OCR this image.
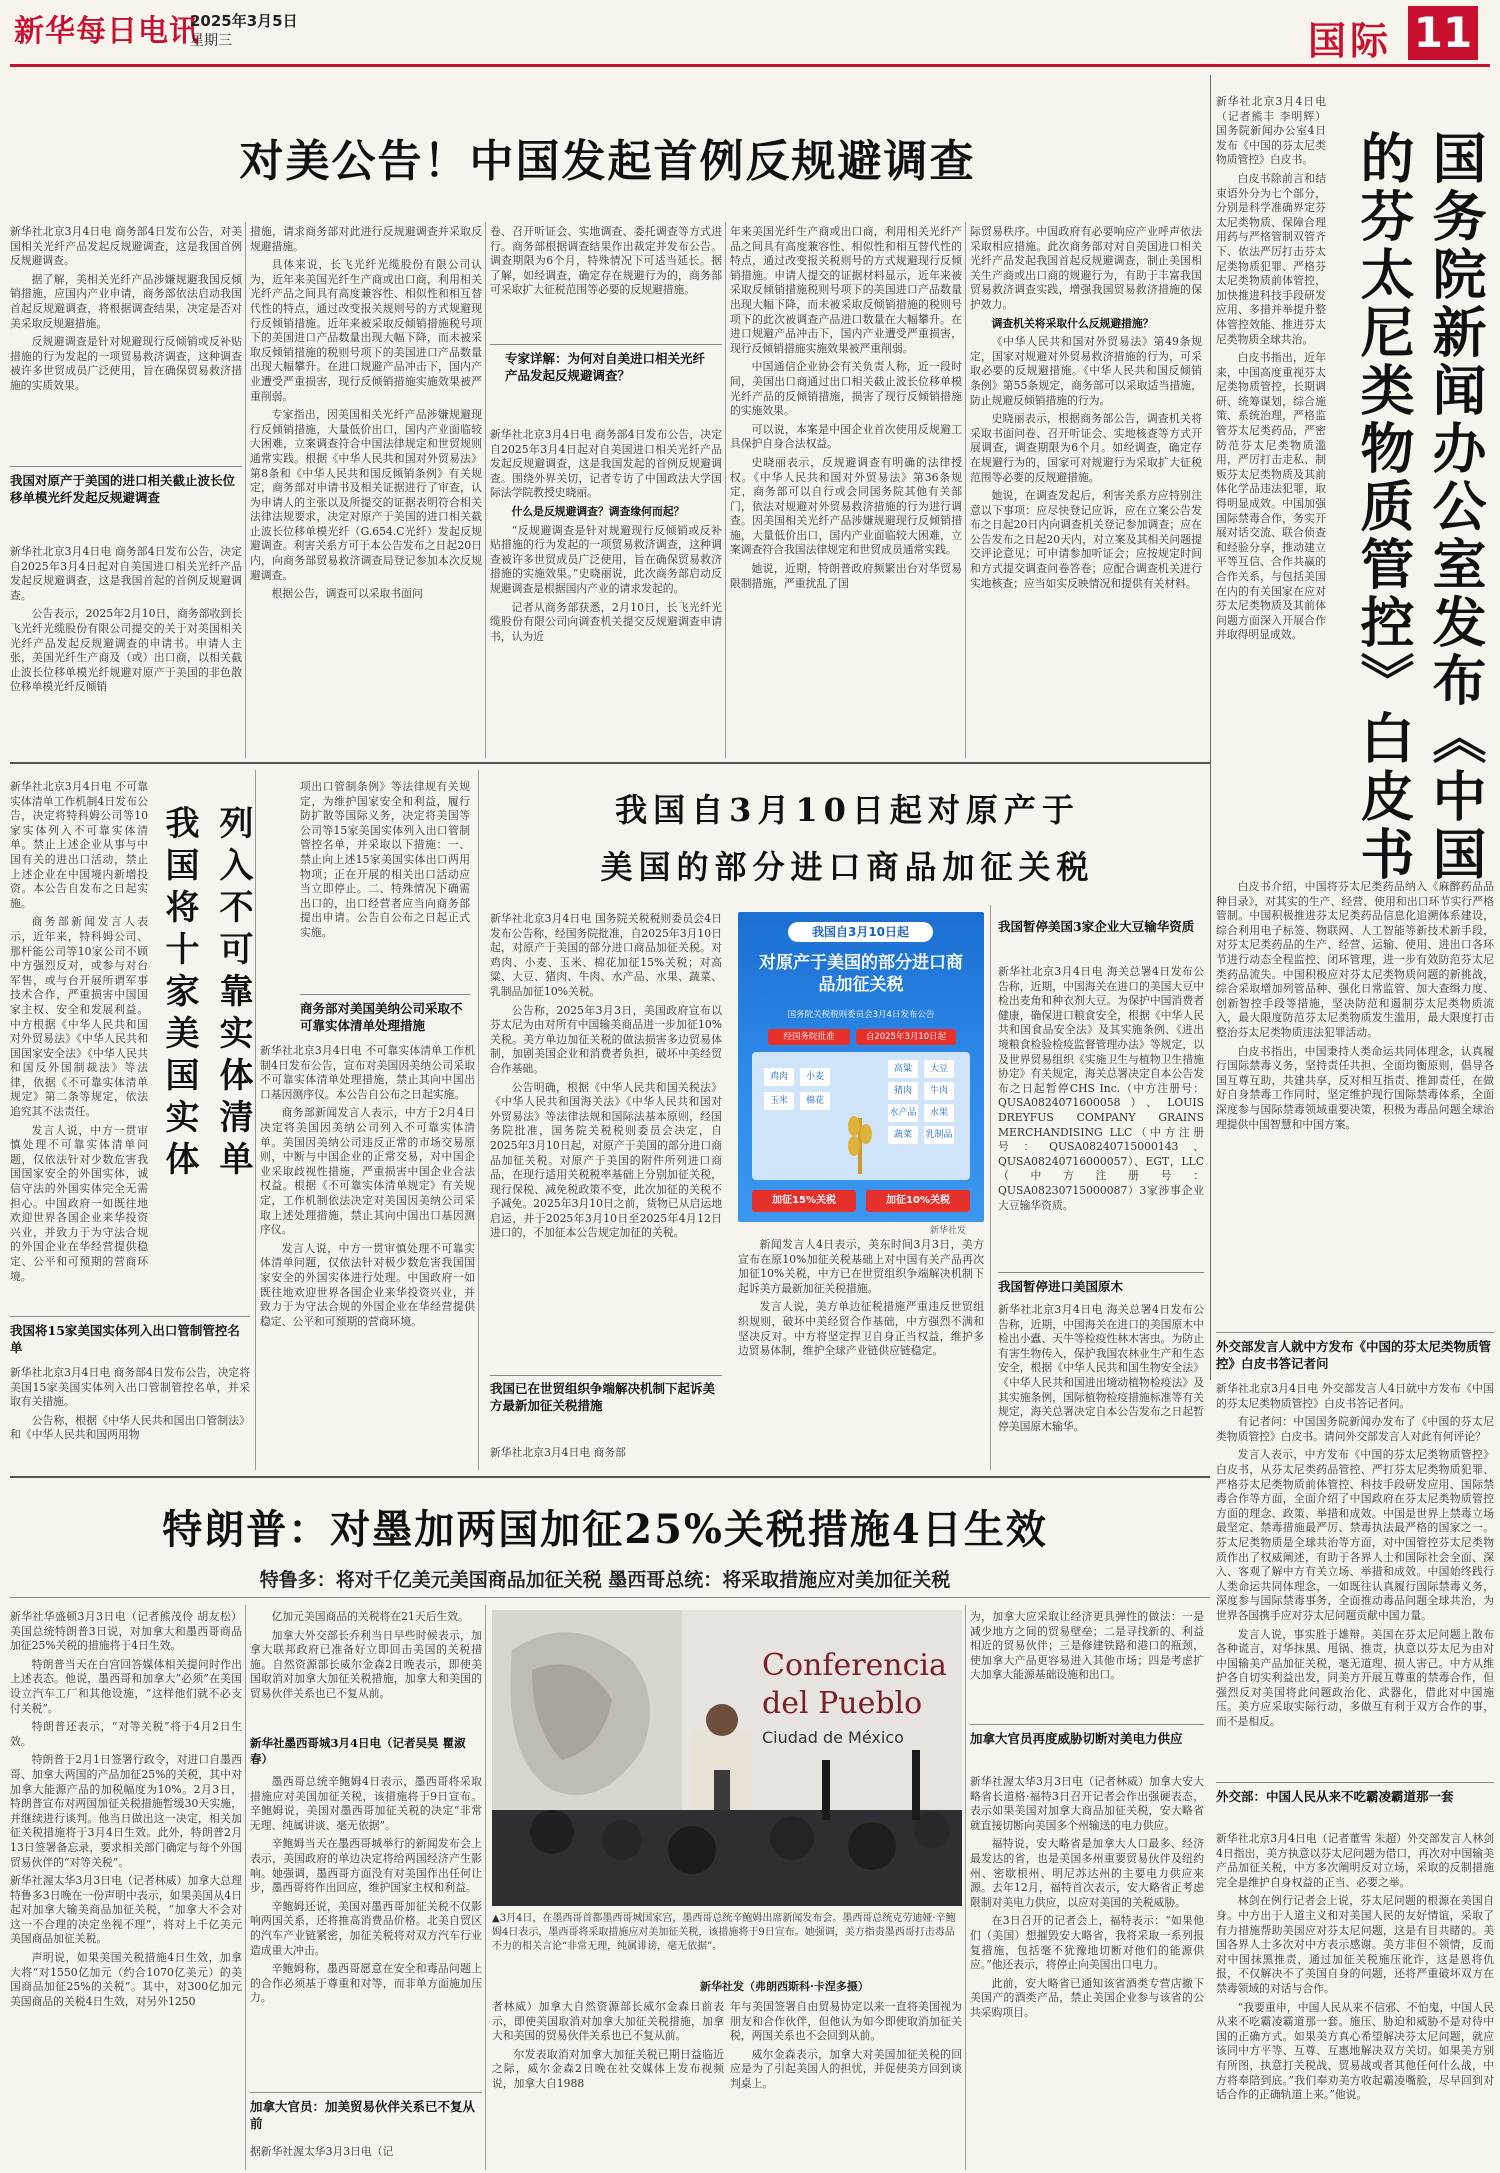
新华每日电讯
2025年3月5日
星期三	国际 11
对美公告！中国发起首例反规避调查

新华社北京3月4日电 商务部4日发布公告，对美国相关光纤产品发起反规避调查，这是我国首例反规避调查。

据了解，美相关光纤产品涉嫌规避我国反倾销措施，应国内产业申请，商务部依法启动我国首起反规避调查，将根据调查结果，决定是否对美采取反规避措施。

反规避调查是针对规避现行反倾销或反补贴措施的行为发起的一项贸易救济调查，这种调查被许多世贸成员广泛使用，旨在确保贸易救济措施的实质效果。

我国对原产于美国的进口相关截止波长位移单模光纤发起反规避调查

新华社北京3月4日电 商务部4日发布公告，决定自2025年3月4日起对自美国进口相关光纤产品发起反规避调查，这是我国首起的首例反规避调查。

公告表示，2025年2月10日，商务部收到长飞光纤光缆股份有限公司提交的关于对美国相关光纤产品发起反规避调查的申请书。申请人主张，美国光纤生产商及（或）出口商，以相关截止波长位移单模光纤规避对原产于美国的非色散位移单模光纤反倾销

措施，请求商务部对此进行反规避调查并采取反规避措施。

具体来说，长飞光纤光缆股份有限公司认为，近年来美国光纤生产商或出口商，利用相关光纤产品之间具有高度兼容性、相似性和相互替代性的特点，通过改变报关规则号的方式规避现行反倾销措施。近年来被采取反倾销措施税号项下的美国进口产品数量出现大幅下降，而未被采取反倾销措施的税则号项下的美国进口产品数量出现大幅攀升。在进口规避产品冲击下，国内产业遭受严重损害，现行反倾销措施实施效果被严重削弱。

专家指出，因美国相关光纤产品涉嫌规避现行反倾销措施，大量低价出口，国内产业面临较大困难，立案调查符合中国法律规定和世贸规则通常实践。根据《中华人民共和国对外贸易法》第8条和《中华人民共和国反倾销条例》有关规定，商务部对申请书及相关证据进行了审查，认为申请人的主张以及所提交的证据表明符合相关法律法规要求，决定对原产于美国的进口相关截止波长位移单模光纤（G.654.C光纤）发起反规避调查。利害关系方可于本公告发布之日起20日内，向商务部贸易救济调查局登记参加本次反规避调查。

根据公告，调查可以采取书面问

卷、召开听证会、实地调查、委托调查等方式进行。商务部根据调查结果作出裁定并发布公告。调查期限为6个月，特殊情况下可适当延长。据了解，如经调查，确定存在规避行为的，商务部可采取扩大征税范围等必要的反规避措施。

专家详解：为何对自美进口相关光纤产品发起反规避调查？

新华社北京3月4日电 商务部4日发布公告，决定自2025年3月4日起对自美国进口相关光纤产品发起反规避调查，这是我国发起的首例反规避调查。围绕外界关切，记者专访了中国政法大学国际法学院教授史晓丽。

什么是反规避调查？调查缘何而起？

“反规避调查是针对规避现行反倾销或反补贴措施的行为发起的一项贸易救济调查，这种调查被许多世贸成员广泛使用，旨在确保贸易救济措施的实施效果。”史晓丽说，此次商务部启动反规避调查是根据国内产业的请求发起的。

记者从商务部获悉，2月10日，长飞光纤光缆股份有限公司向调查机关提交反规避调查申请书，认为近

年来美国光纤生产商或出口商，利用相关光纤产品之间具有高度兼容性、相似性和相互替代性的特点，通过改变报关税则号的方式规避现行反倾销措施。申请人提交的证据材料显示，近年来被采取反倾销措施税则号项下的美国进口产品数量出现大幅下降，而未被采取反倾销措施的税则号项下的此次被调查产品进口数量在大幅攀升。在进口规避产品冲击下，国内产业遭受严重损害，现行反倾销措施实施效果被严重削弱。

中国通信企业协会有关负责人称，近一段时间，美国出口商通过出口相关截止波长位移单模光纤产品的反倾销措施，损害了现行反倾销措施的实施效果。

可以说，本案是中国企业首次使用反规避工具保护自身合法权益。

史晓丽表示，反规避调查有明确的法律授权。《中华人民共和国对外贸易法》第36条规定，商务部可以自行或会同国务院其他有关部门，依法对规避对外贸易救济措施的行为进行调查。因美国相关光纤产品涉嫌规避现行反倾销措施，大量低价出口，国内产业面临较大困难，立案调查符合我国法律规定和世贸成员通常实践。

她说，近期，特朗普政府频繁出台对华贸易限制措施，严重扰乱了国

际贸易秩序。中国政府有必要响应产业呼声依法采取相应措施。此次商务部对对自美国进口相关光纤产品发起我国首起反规避调查，制止美国相关生产商或出口商的规避行为，有助于丰富我国贸易救济调查实践，增强我国贸易救济措施的保护效力。

调查机关将采取什么反规避措施？

《中华人民共和国对外贸易法》第49条规定，国家对规避对外贸易救济措施的行为，可采取必要的反规避措施。《中华人民共和国反倾销条例》第55条规定，商务部可以采取适当措施，防止规避反倾销措施的行为。

史晓丽表示，根据商务部公告，调查机关将采取书面问卷、召开听证会、实地核查等方式开展调查，调查期限为6个月。如经调查，确定存在规避行为的，国家可对规避行为采取扩大征税范围等必要的反规避措施。

她说，在调查发起后，利害关系方应特别注意以下事项：应尽快登记应诉，应在立案公告发布之日起20日内向调查机关登记参加调查；应在公告发布之日起20天内，对立案及其相关问题提交评论意见；可申请参加听证会；应按规定时间和方式提交调查问卷答卷；应配合调查机关进行实地核查；应当如实反映情况和提供有关材料。

新华社北京3月4日电（记者熊丰 李明辉）国务院新闻办公室4日发布《中国的芬太尼类物质管控》白皮书。

白皮书除前言和结束语外分为七个部分，分别是科学准确界定芬太尼类物质、保障合理用药与严格管制双管齐下、依法严厉打击芬太尼类物质犯罪、严格芬太尼类物质前体管控，加快推进科技手段研发应用、多措并举提升整体管控效能、推进芬太尼类物质全球共治。

白皮书指出，近年来，中国高度重视芬太尼类物质管控，长期调研、统筹谋划，综合施策、系统治理，严格监管芬太尼类药品，严密防范芬太尼类物质滥用，严厉打击走私、制贩芬太尼类物质及其前体化学品违法犯罪，取得明显成效。中国加强国际禁毒合作，务实开展对话交流、联合侦查和经验分享，推动建立平等互信、合作共赢的合作关系，与包括美国在内的有关国家在应对芬太尼类物质及其前体问题方面深入开展合作并取得明显成效。	国务院新闻办公室发布《中国的芬太尼类物质管控》白皮书

白皮书介绍，中国将芬太尼类药品纳入《麻醉药品品种目录》，对其实的生产、经营、使用和出口环节实行严格管制。中国积极推进芬太尼类药品信息化追溯体系建设，综合利用电子标签、物联网、人工智能等新技术新手段，对芬太尼类药品的生产、经营、运输、使用、进出口各环节进行动态全程监控、闭环管理，进一步有效防范芬太尼类药品流失。中国积极应对芬太尼类物质问题的新挑战，综合采取增加列管品种、强化日常监管、加大查缉力度、创新智控手段等措施，坚决防范和遏制芬太尼类物质流入，最大限度防范芬太尼类物质发生滥用，最大限度打击整治芬太尼类物质违法犯罪活动。

白皮书指出，中国秉持人类命运共同体理念，认真履行国际禁毒义务，坚持责任共担、全面均衡原则，倡导各国互尊互助，共建共享，反对相互指责、推卸责任，在做好自身禁毒工作同时，坚定维护现行国际禁毒体系，全面深度参与国际禁毒领域重要决策，积极为毒品问题全球治理提供中国智慧和中国方案。

外交部发言人就中方发布《中国的芬太尼类物质管控》白皮书答记者问

新华社北京3月4日电 外交部发言人4日就中方发布《中国的芬太尼类物质管控》白皮书答记者问。

有记者问：中国国务院新闻办发布了《中国的芬太尼类物质管控》白皮书。请问外交部发言人对此有何评论？

发言人表示，中方发布《中国的芬太尼类物质管控》白皮书，从芬太尼类药品管控、严打芬太尼类物质犯罪、严格芬太尼类物质前体管控、科技手段研发应用、国际禁毒合作等方面，全面介绍了中国政府在芬太尼类物质管控方面的理念、政策、举措和成效。中国是世界上禁毒立场最坚定、禁毒措施最严厉、禁毒执法最严格的国家之一。芬太尼类物质是全球共治等方面，对中国管控芬太尼类物质作出了权威阐述，有助于各界人士和国际社会全面、深入、客观了解中方有关立场、举措和成效。中国始终践行人类命运共同体理念，一如既往认真履行国际禁毒义务，深度参与国际禁毒事务，全面推动毒品问题全球共治，为世界各国携手应对芬太尼问题贡献中国力量。

发言人说，事实胜于雄辩。美国在芬太尼问题上散布各种谎言，对华抹黑、甩锅、推责，执意以芬太尼为由对中国输美产品加征关税，毫无道理、损人害己。中方从维护各自切实利益出发，同美方开展互尊重的禁毒合作，但强烈反对美国将此问题政治化、武器化，借此对中国施压。美方应采取实际行动，多做互有利于双方合作的事，而不是相反。

外交部：中国人民从来不吃霸凌霸道那一套

新华社北京3月4日电（记者董雪 朱超）外交部发言人林剑4日指出，美方执意以芬太尼问题为借口，再次对中国输美产品加征关税，中方多次阐明反对立场，采取的反制措施完全是维护自身权益的正当、必要之举。

林剑在例行记者会上说，芬太尼问题的根源在美国自身。中方出于人道主义和对美国人民的友好情谊，采取了有力措施帮助美国应对芬太尼问题，这是有目共睹的。美国各界人士多次对中方表示感谢。美方非但不领情，反而对中国抹黑推责，通过加征关税施压讹诈，这是恩将仇报，不仅解决不了美国自身的问题，还将严重破坏双方在禁毒领域的对话与合作。

“我要重申，中国人民从来不信邪、不怕鬼，中国人民从来不吃霸凌霸道那一套。施压、胁迫和威胁不是对待中国的正确方式。如果美方真心希望解决芬太尼问题，就应该同中方平等、互尊、互惠地解决双方关切。如果美方别有所图，执意打关税战、贸易战或者其他任何什么战，中方将奉陪到底。”我们奉劝美方收起霸凌嘴脸，尽早回到对话合作的正确轨道上来。”他说。

新华社北京3月4日电 不可靠实体清单工作机制4日发布公告，决定将特科姆公司等10家实体列入不可靠实体清单。禁止上述企业从事与中国有关的进出口活动，禁止上述企业在中国境内新增投资。本公告自发布之日起实施。

商务部新闻发言人表示，近年来，特科姆公司、那杆能公司等10家公司不顾中方强烈反对，或参与对台军售，或与台开展所谓军事技术合作，严重损害中国国家主权、安全和发展利益。中方根据《中华人民共和国对外贸易法》《中华人民共和国国家安全法》《中华人民共和国反外国制裁法》等法律，依据《不可靠实体清单规定》第二条等规定，依法追究其不法责任。

发言人说，中方一贯审慎处理不可靠实体清单问题，仅依法针对少数危害我国国家安全的外国实体，诚信守法的外国实体完全无需担心。中国政府一如既往地欢迎世界各国企业来华投资兴业，并致力于为守法合规的外国企业在华经营提供稳定、公平和可预期的营商环境。

我国将十家美国实体 列入不可靠实体清单
我国将15家美国实体列入出口管制管控名单

新华社北京3月4日电 商务部4日发布公告，决定将美国15家美国实体列入出口管制管控名单，并采取有关措施。

公告称，根据《中华人民共和国出口管制法》和《中华人民共和国两用物

项出口管制条例》等法律规有关规定，为维护国家安全和利益，履行防扩散等国际义务，决定将美国等公司等15家美国实体列入出口管制管控名单，并采取以下措施：一、禁止向上述15家美国实体出口两用物项；正在开展的相关出口活动应当立即停止。二、特殊情况下确需出口的，出口经营者应当向商务部提出申请。公告自公布之日起正式实施。

商务部对美国美纳公司采取不可靠实体清单处理措施

新华社北京3月4日电 不可靠实体清单工作机制4日发布公告，宣布对美国因美纳公司采取不可靠实体清单处理措施，禁止其向中国出口基因测序仪。本公告自公布之日起实施。

商务部新闻发言人表示，中方于2月4日决定将美国因美纳公司列入不可靠实体清单。美国因美纳公司违反正常的市场交易原则，中断与中国企业的正常交易，对中国企业采取歧视性措施，严重损害中国企业合法权益。根据《不可靠实体清单规定》有关规定，工作机制依法决定对美国因美纳公司采取上述处理措施，禁止其向中国出口基因测序仪。

发言人说，中方一贯审慎处理不可靠实体清单问题，仅依法针对极少数危害我国国家安全的外国实体进行处理。中国政府一如既往地欢迎世界各国企业来华投资兴业，并致力于为守法合规的外国企业在华经营提供稳定、公平和可预期的营商环境。

我国自3月10日起对原产于
美国的部分进口商品加征关税

新华社北京3月4日电 国务院关税税则委员会4日发布公告称，经国务院批准，自2025年3月10日起，对原产于美国的部分进口商品加征关税。对鸡肉、小麦、玉米、棉花加征15%关税；对高粱、大豆、猪肉、牛肉、水产品、水果、蔬菜、乳制品加征10%关税。

公告称，2025年3月3日，美国政府宣布以芬太尼为由对所有中国输美商品进一步加征10%关税。美方单边加征关税的做法损害多边贸易体制，加剧美国企业和消费者负担，破坏中美经贸合作基础。

公告明确，根据《中华人民共和国关税法》《中华人民共和国海关法》《中华人民共和国对外贸易法》等法律法规和国际法基本原则，经国务院批准，国务院关税税则委员会决定，自2025年3月10日起，对原产于美国的部分进口商品加征关税。对原产于美国的附件所列进口商品，在现行适用关税税率基础上分别加征关税，现行保税、减免税政策不变，此次加征的关税不予减免。2025年3月10日之前，货物已从启运地启运，并于2025年3月10日至2025年4月12日进口的，不加征本公告规定加征的关税。

我国自3月10日起
对原产于美国的部分进口商品加征关税
国务院关税税则委员会3月4日发布公告
经国务院批准	自2025年3月10日起
鸡肉	小麦
玉米	棉花
高粱	大豆
猪肉	牛肉
水产品	水果
蔬菜	乳制品
加征15%关税	加征10%关税
新华社发

新闻发言人4日表示，美东时间3月3日，美方宣布在原10%加征关税基础上对中国有关产品再次加征10%关税，中方已在世贸组织争端解决机制下起诉美方最新加征关税措施。

发言人说，美方单边征税措施严重违反世贸组织规则，破坏中美经贸合作基础，中方强烈不满和坚决反对。中方将坚定捍卫自身正当权益，维护多边贸易体制，维护全球产业链供应链稳定。

我国已在世贸组织争端解决机制下起诉美方最新加征关税措施

新华社北京3月4日电 商务部

我国暂停美国3家企业大豆输华资质

新华社北京3月4日电 海关总署4日发布公告称，近期，中国海关在进口的美国大豆中检出麦角和种衣剂大豆。为保护中国消费者健康，确保进口粮食安全，根据《中华人民共和国食品安全法》及其实施条例、《进出境粮食检验检疫监督管理办法》等规定，以及世界贸易组织《实施卫生与植物卫生措施协定》有关规定，海关总署决定自本公告发布之日起暂停CHS Inc.（中方注册号：QUSA0824071600058）、LOUIS DREYFUS COMPANY GRAINS MERCHANDISING LLC（中方注册号：QUSA08240715000143、QUSA08240716000057）、EGT，LLC（中方注册号：QUSA08230715000087）3家涉事企业大豆输华资质。

我国暂停进口美国原木

新华社北京3月4日电 海关总署4日发布公告称，近期，中国海关在进口的美国原木中检出小蠹、天牛等检疫性林木害虫。为防止有害生物传入，保护我国农林业生产和生态安全，根据《中华人民共和国生物安全法》《中华人民共和国进出境动植物检疫法》及其实施条例，国际植物检疫措施标准等有关规定，海关总署决定自本公告发布之日起暂停美国原木输华。

特朗普：对墨加两国加征25%关税措施4日生效
特鲁多：将对千亿美元美国商品加征关税 墨西哥总统：将采取措施应对美加征关税

新华社华盛顿3月3日电（记者熊茂伶 胡友松）美国总统特朗普3日说，对加拿大和墨西哥商品加征25%关税的措施将于4日生效。

特朗普当天在白宫回答媒体相关提问时作出上述表态。他说，墨西哥和加拿大“必须”在美国设立汽车工厂和其他设施，“这样他们就不必支付关税”。

特朗普还表示，“对等关税”将于4月2日生效。

特朗普于2月1日签署行政令，对进口自墨西哥、加拿大两国的产品加征25%的关税，其中对加拿大能源产品的加税幅度为10%。2月3日，特朗普宣布对两国加征关税措施暂缓30天实施，并继续进行谈判。他当日做出这一决定，相关加征关税措施将于3月4日生效。此外，特朗普2月13日签署备忘录，要求相关部门确定与每个外国贸易伙伴的“对等关税”。

新华社渥太华3月3日电（记者林威）加拿大总理特鲁多3日晚在一份声明中表示，如果美国从4日起对加拿大输美商品加征关税，“加拿大不会对这一不合理的决定坐视不理”，将对上千亿美元美国商品加征关税。

声明说，如果美国关税措施4日生效，加拿大将“对1550亿加元（约合1070亿美元）的美国商品加征25%的关税”。其中，对300亿加元美国商品的关税4日生效，对另外1250

亿加元美国商品的关税将在21天后生效。

加拿大外交部长乔利当日早些时候表示，加拿大联邦政府已准备好立即回击美国的关税措施。自然资源部长威尔金森2日晚表示，即使美国取消对加拿大加征关税措施，加拿大和美国的贸易伙伴关系也已不复从前。

新华社墨西哥城3月4日电（记者吴昊 瞿淑春）

墨西哥总统辛鲍姆4日表示，墨西哥将采取措施应对美国加征关税，该措施将于9日宣布。辛鲍姆说，美国对墨西哥加征关税的决定“非常无理、纯属讲谈、毫无依据”。

辛鲍姆当天在墨西哥城举行的新闻发布会上表示，美国政府的单边决定将给两国经济产生影响。她强调，墨西哥方面没有对美国作出任何让步，墨西哥将作出回应，维护国家主权和利益。

辛鲍姆还说，美国对墨西哥加征关税不仅影响两国关系，还将推高消费品价格。北美自贸区的汽车产业链紧密，加征关税将对双方汽车行业造成重大冲击。

辛鲍姆称，墨西哥愿意在安全和毒品问题上的合作必须基于尊重和对等，而非单方面施加压力。

加拿大官员：加美贸易伙伴关系已不复从前

据新华社渥太华3月3日电（记

Conferencia
del Pueblo
Ciudad de México
▲3月4日，在墨西哥首都墨西哥城国家宫，墨西哥总统辛鲍姆出席新闻发布会。墨西哥总统克劳迪娅·辛鲍姆4日表示，墨西哥将采取措施应对美加征关税，该措施将于9日宣布。她强调，美方指责墨西哥打击毒品不力的相关言论“非常无理，纯属诽谤，毫无依据”。
新华社发（弗朗西斯科·卡涅多摄）

者林威）加拿大自然资源部长威尔金森日前表示，即使美国取消对加拿大加征关税措施，加拿大和美国的贸易伙伴关系也已不复从前。

尔发表取消对加拿大加征关税已期日益临近之际，威尔金森2日晚在社交媒体上发布视频说，加拿大自1988

年与美国签署自由贸易协定以来一直将美国视为朋友和合作伙伴，但他认为如今即使取消加征关税，两国关系也不会回到从前。

威尔金森表示，加拿大对美国加征关税的回应是为了引起美国人的担忧，并促使美方回到谈判桌上。

为，加拿大应采取让经济更具弹性的做法：一是减少地方之间的贸易壁垒；二是寻找新的、利益相近的贸易伙伴；三是修建铁路和港口的瓶颈，使加拿大产品更容易进入其他市场；四是考虑扩大加拿大能源基础设施和出口。

加拿大官员再度威胁切断对美电力供应

新华社渥太华3月3日电（记者林威）加拿大安大略省长道格·福特3日召开记者会作出强硬表态，表示如果美国对加拿大商品加征关税，安大略省就直接切断向美国多个州输送的电力供应。

福特说，安大略省是加拿大人口最多、经济最发达的省，也是美国多州重要贸易伙伴及纽约州、密歇根州、明尼苏达州的主要电力供应来源。去年12月，福特首次表示，安大略省正考虑限制对美电力供应，以应对美国的关税威胁。

在3日召开的记者会上，福特表示：“如果他们（美国）想摧毁安大略省，我将采取一系列报复措施，包括毫不犹豫地切断对他们的能源供应。”他还表示，将停止向美国出口电力。

此前，安大略省已通知该省酒类专营店撤下美国产的酒类产品，禁止美国企业参与该省的公共采购项目。
